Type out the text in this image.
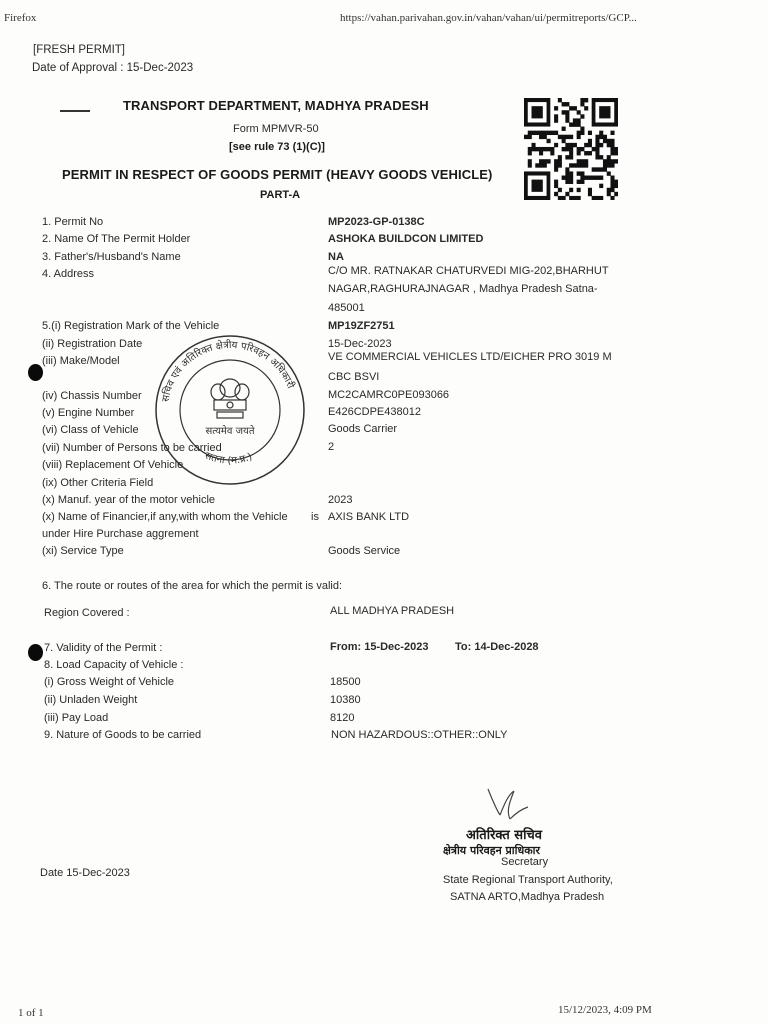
Firefox	https://vahan.parivahan.gov.in/vahan/vahan/ui/permitreports/GCP...
[FRESH PERMIT]
Date of Approval : 15-Dec-2023
TRANSPORT DEPARTMENT, MADHYA PRADESH
Form MPMVR-50
[see rule 73 (1)(C)]
PERMIT IN RESPECT OF GOODS PERMIT (HEAVY GOODS VEHICLE)
PART-A
सचिव एवं अतिरिक्त क्षेत्रीय परिवहन अधिकारी
सतना (म.प्र.)
सत्यमेव जयते
1. Permit No	MP2023-GP-0138C
2. Name Of The Permit Holder	ASHOKA BUILDCON LIMITED
3. Father's/Husband's Name	NA
4. Address	C/O MR. RATNAKAR CHATURVEDI MIG-202,BHARHUT
NAGAR,RAGHURAJNAGAR , Madhya Pradesh Satna-
485001
5.(i) Registration Mark of the Vehicle	MP19ZF2751
(ii) Registration Date	15-Dec-2023
(iii) Make/Model	VE COMMERCIAL VEHICLES LTD/EICHER PRO 3019 M
CBC BSVI
(iv) Chassis Number	MC2CAMRC0PE093066
(v) Engine Number	E426CDPE438012
(vi) Class of Vehicle	Goods Carrier
(vii) Number of Persons to be carried	2
(viii) Replacement Of Vehicle
(ix) Other Criteria Field
(x) Manuf. year of the motor vehicle	2023
(x) Name of Financier,if any,with whom the Vehicle is AXIS BANK LTD
under Hire Purchase aggrement
(xi) Service Type	Goods Service
6. The route or routes of the area for which the permit is valid:
Region Covered :	ALL MADHYA PRADESH
7. Validity of the Permit :	From: 15-Dec-2023 To: 14-Dec-2028
8. Load Capacity of Vehicle :
(i) Gross Weight of Vehicle	18500
(ii) Unladen Weight	10380
(iii) Pay Load	8120
9. Nature of Goods to be carried	NON HAZARDOUS::OTHER::ONLY
अतिरिक्त सचिव
क्षेत्रीय परिवहन प्राधिकार
Secretary
State Regional Transport Authority,
SATNA ARTO,Madhya Pradesh
Date 15-Dec-2023
1 of 1	15/12/2023, 4:09 PM
